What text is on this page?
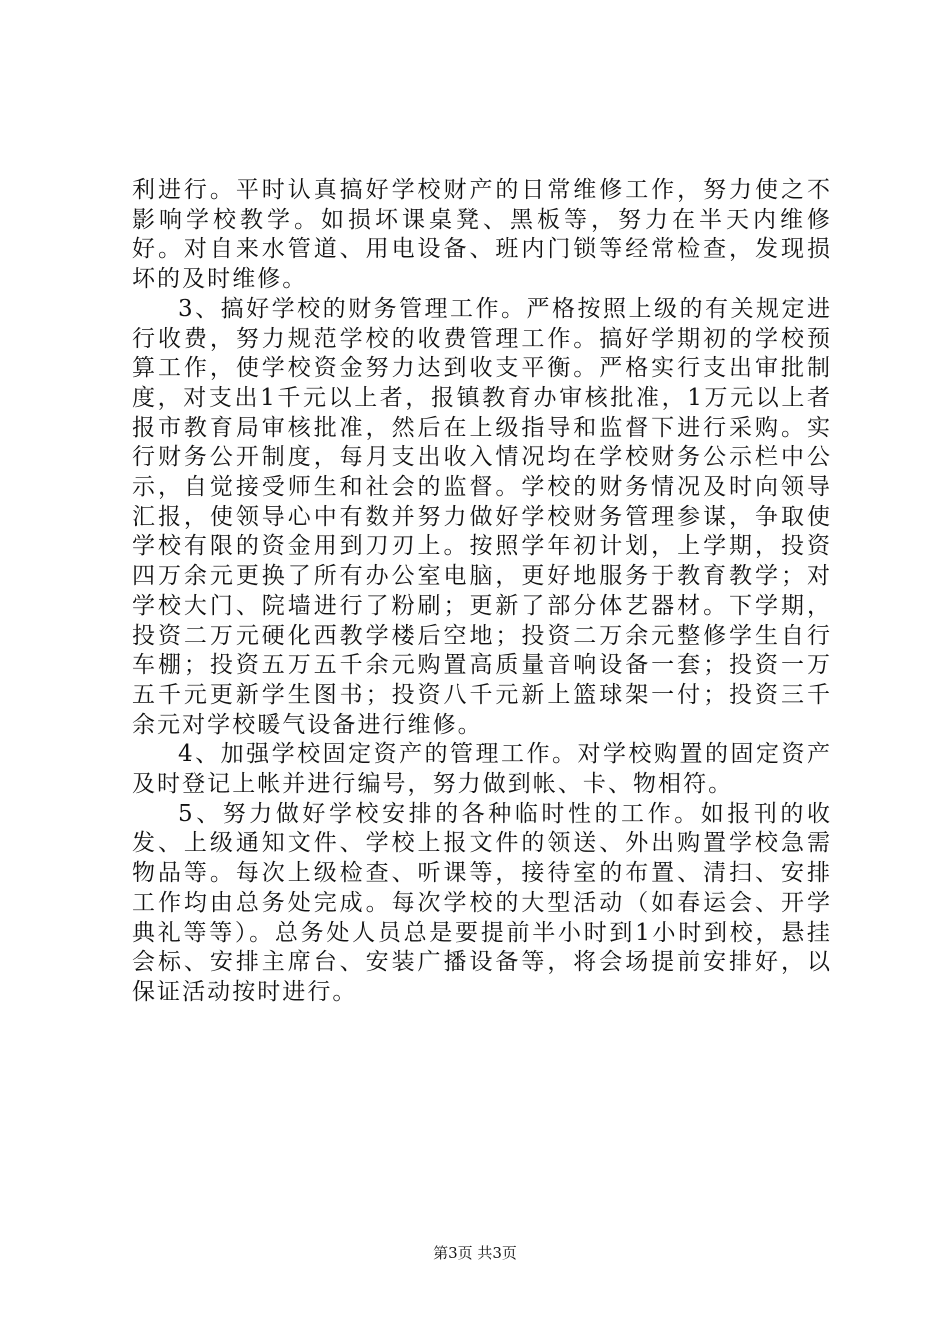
利进行。平时认真搞好学校财产的日常维修工作，努力使之不影响学校教学。如损坏课桌凳、黑板等，努力在半天内维修好。对自来水管道、用电设备、班内门锁等经常检查，发现损坏的及时维修。

3、搞好学校的财务管理工作。严格按照上级的有关规定进行收费，努力规范学校的收费管理工作。搞好学期初的学校预算工作，使学校资金努力达到收支平衡。严格实行支出审批制度，对支出1千元以上者，报镇教育办审核批准，1万元以上者报市教育局审核批准，然后在上级指导和监督下进行采购。实行财务公开制度，每月支出收入情况均在学校财务公示栏中公示，自觉接受师生和社会的监督。学校的财务情况及时向领导汇报，使领导心中有数并努力做好学校财务管理参谋，争取使学校有限的资金用到刀刃上。按照学年初计划，上学期，投资四万余元更换了所有办公室电脑，更好地服务于教育教学；对学校大门、院墙进行了粉刷；更新了部分体艺器材。下学期，投资二万元硬化西教学楼后空地；投资二万余元整修学生自行车棚；投资五万五千余元购置高质量音响设备一套；投资一万五千元更新学生图书；投资八千元新上篮球架一付；投资三千余元对学校暖气设备进行维修。

4、加强学校固定资产的管理工作。对学校购置的固定资产及时登记上帐并进行编号，努力做到帐、卡、物相符。

5、努力做好学校安排的各种临时性的工作。如报刊的收发、上级通知文件、学校上报文件的领送、外出购置学校急需物品等。每次上级检查、听课等，接待室的布置、清扫、安排工作均由总务处完成。每次学校的大型活动（如春运会、开学典礼等等）。总务处人员总是要提前半小时到1小时到校，悬挂会标、安排主席台、安装广播设备等，将会场提前安排好，以保证活动按时进行。

第3页 共3页
